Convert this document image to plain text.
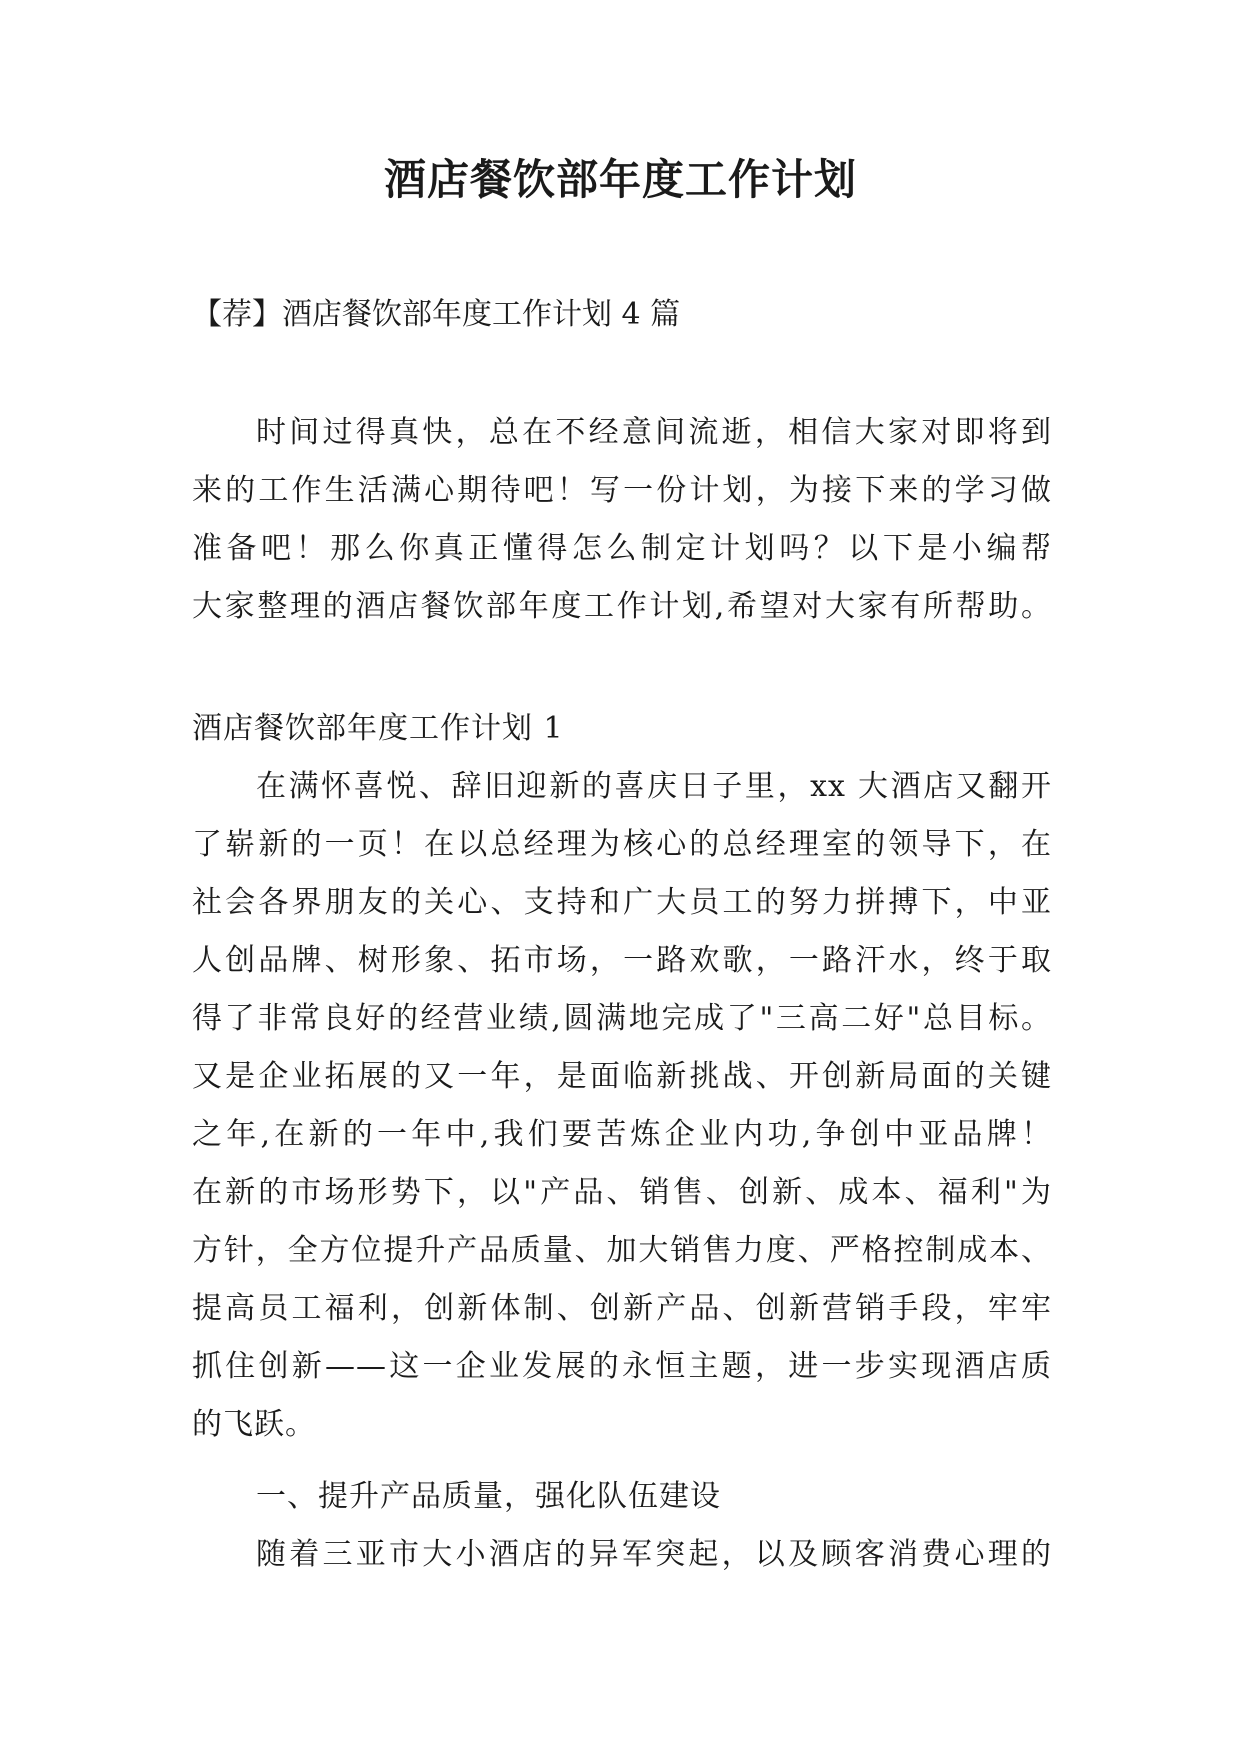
酒店餐饮部年度工作计划
【荐】酒店餐饮部年度工作计划 4 篇
时间过得真快，总在不经意间流逝，相信大家对即将到
来的工作生活满心期待吧！写一份计划，为接下来的学习做
准备吧！那么你真正懂得怎么制定计划吗？以下是小编帮
大家整理的酒店餐饮部年度工作计划,希望对大家有所帮助。
酒店餐饮部年度工作计划 1
在满怀喜悦、辞旧迎新的喜庆日子里，xx 大酒店又翻开
了崭新的一页！在以总经理为核心的总经理室的领导下，在
社会各界朋友的关心、支持和广大员工的努力拼搏下，中亚
人创品牌、树形象、拓市场，一路欢歌，一路汗水，终于取
得了非常良好的经营业绩,圆满地完成了"三高二好"总目标。
又是企业拓展的又一年，是面临新挑战、开创新局面的关键
之年,在新的一年中,我们要苦炼企业内功,争创中亚品牌！
在新的市场形势下，以"产品、销售、创新、成本、福利"为
方针，全方位提升产品质量、加大销售力度、严格控制成本、
提高员工福利，创新体制、创新产品、创新营销手段，牢牢
抓住创新——这一企业发展的永恒主题，进一步实现酒店质
的飞跃。
一、提升产品质量，强化队伍建设
随着三亚市大小酒店的异军突起，以及顾客消费心理的
